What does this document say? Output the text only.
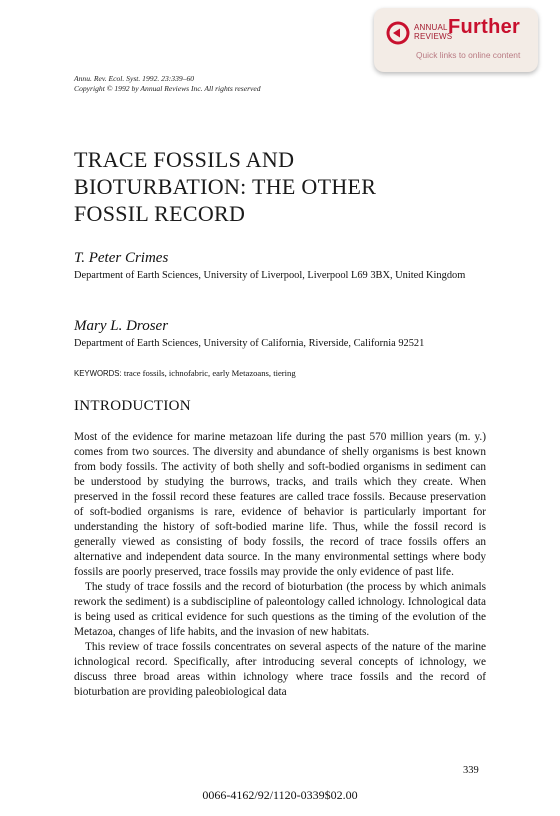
ANNUAL
REVIEWS
Further
Quick links to online content
Annu. Rev. Ecol. Syst. 1992. 23:339–60
Copyright © 1992 by Annual Reviews Inc. All rights reserved
TRACE FOSSILS AND
BIOTURBATION: THE OTHER
FOSSIL RECORD
T. Peter Crimes
Department of Earth Sciences, University of Liverpool, Liverpool L69 3BX, United Kingdom
Mary L. Droser
Department of Earth Sciences, University of California, Riverside, California 92521
KEYWORDS: trace fossils, ichnofabric, early Metazoans, tiering
INTRODUCTION

Most of the evidence for marine metazoan life during the past 570 million years (m. y.) comes from two sources. The diversity and abundance of shelly organisms is best known from body fossils. The activity of both shelly and soft-bodied organisms in sediment can be understood by studying the burrows, tracks, and trails which they create. When preserved in the fossil record these features are called trace fossils. Because preservation of soft-bodied organisms is rare, evidence of behavior is particularly important for understanding the history of soft-bodied marine life. Thus, while the fossil record is generally viewed as consisting of body fossils, the record of trace fossils offers an alternative and independent data source. In the many environmental settings where body fossils are poorly preserved, trace fossils may provide the only evidence of past life.

The study of trace fossils and the record of bioturbation (the process by which animals rework the sediment) is a subdiscipline of paleontology called ichnology. Ichnological data is being used as critical evidence for such questions as the timing of the evolution of the Metazoa, changes of life habits, and the invasion of new habitats.

This review of trace fossils concentrates on several aspects of the nature of the marine ichnological record. Specifically, after introducing several concepts of ichnology, we discuss three broad areas within ichnology where trace fossils and the record of bioturbation are providing paleobiological data

339
0066-4162/92/1120-0339$02.00
